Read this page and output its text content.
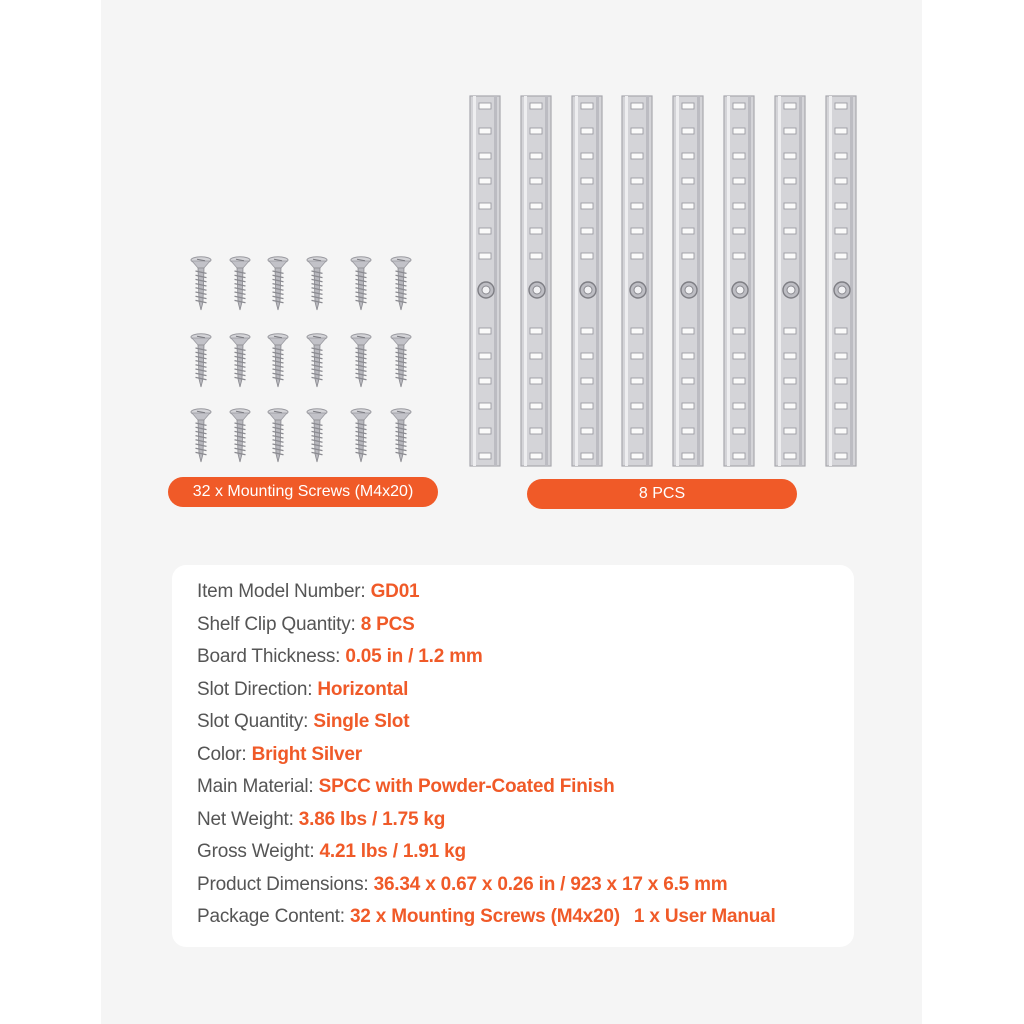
32 x Mounting Screws (M4x20)	8 PCS
Item Model Number: GD01
Shelf Clip Quantity: 8 PCS
Board Thickness: 0.05 in / 1.2 mm
Slot Direction: Horizontal
Slot Quantity: Single Slot
Color: Bright Silver
Main Material: SPCC with Powder-Coated Finish
Net Weight: 3.86 lbs / 1.75 kg
Gross Weight: 4.21 lbs / 1.91 kg
Product Dimensions: 36.34 x 0.67 x 0.26 in / 923 x 17 x 6.5 mm
Package Content: 32 x Mounting Screws (M4x20) 1 x User Manual
